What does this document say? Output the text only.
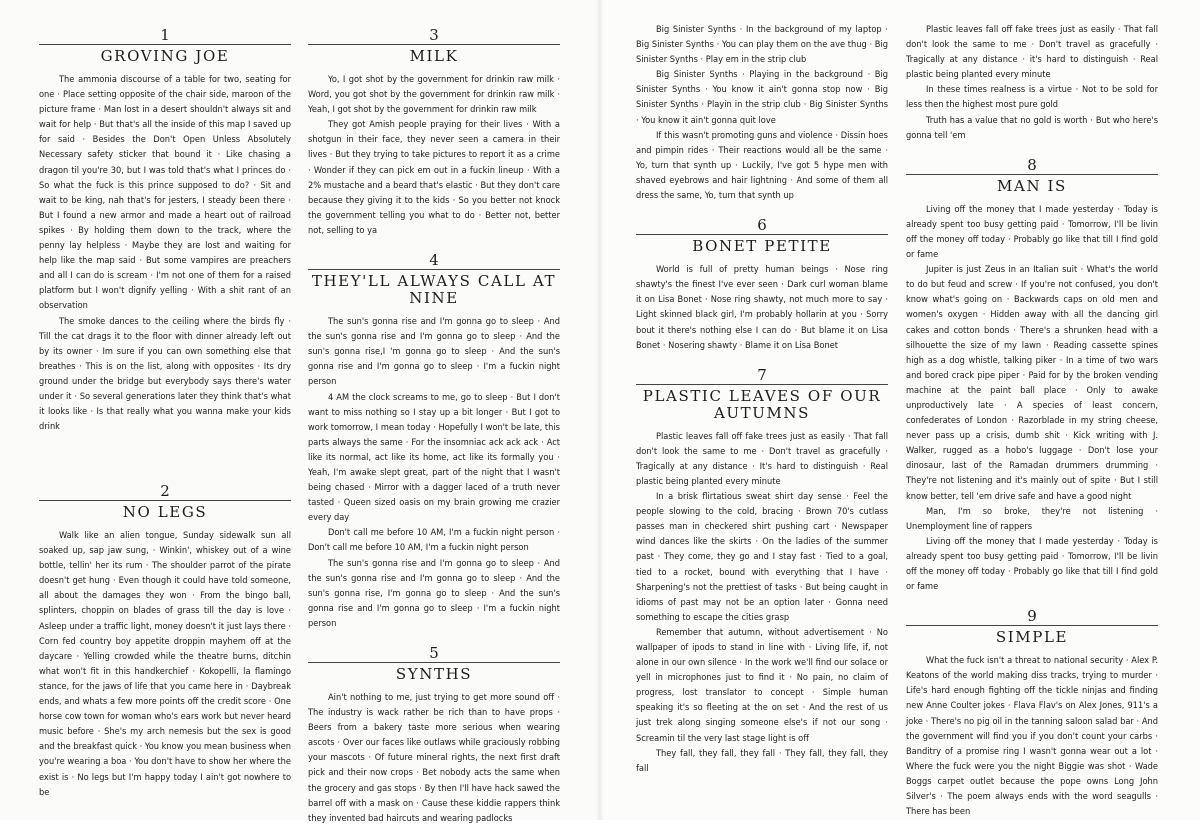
1
GROVING JOE

The ammonia discourse of a table for two, seating for one · Place setting opposite of the chair side, maroon of the picture frame · Man lost in a desert shouldn't always sit and wait for help · But that's all the inside of this map I saved up for said · Besides the Don't Open Unless Absolutely Necessary safety sticker that bound it · Like chasing a dragon til you're 30, but I was told that's what I princes do · So what the fuck is this prince supposed to do? · Sit and wait to be king, nah that's for jesters, I steady been there · But I found a new armor and made a heart out of railroad spikes · By holding them down to the track, where the penny lay helpless · Maybe they are lost and waiting for help like the map said · But some vampires are preachers and all I can do is scream · I'm not one of them for a raised platform but I won't dignify yelling · With a shit rant of an observation

The smoke dances to the ceiling where the birds fly · Till the cat drags it to the floor with dinner already left out by its owner · Im sure if you can own something else that breathes · This is on the list, along with opposites · Its dry ground under the bridge but everybody says there's water under it · So several generations later they think that's what it looks like · Is that really what you wanna make your kids drink

2
NO LEGS

Walk like an alien tongue, Sunday sidewalk sun all soaked up, sap jaw sung, · Winkin', whiskey out of a wine bottle, tellin' her its rum · The shoulder parrot of the pirate doesn't get hung · Even though it could have told someone, all about the damages they won · From the bingo ball, splinters, choppin on blades of grass till the day is love · Asleep under a traffic light, money doesn't it just lays there · Corn fed country boy appetite droppin mayhem off at the daycare · Yelling crowded while the theatre burns, ditchin what won't fit in this handkerchief · Kokopelli, la flamingo stance, for the jaws of life that you came here in · Daybreak ends, and whats a few more points off the credit score · One horse cow town for woman who's ears work but never heard music before · She's my arch nemesis but the sex is good and the breakfast quick · You know you mean business when you're wearing a boa · You don't have to show her where the exist is · No legs but I'm happy today I ain't got nowhere to be

3
MILK

Yo, I got shot by the government for drinkin raw milk · Word, you got shot by the government for drinkin raw milk · Yeah, I got shot by the government for drinkin raw milk

They got Amish people praying for their lives · With a shotgun in their face, they never seen a camera in their lives · But they trying to take pictures to report it as a crime · Wonder if they can pick em out in a fuckin lineup · With a 2% mustache and a beard that's elastic · But they don't care because they giving it to the kids · So you better not knock the government telling you what to do · Better not, better not, selling to ya

4
THEY'LL ALWAYS CALL AT NINE

The sun's gonna rise and I'm gonna go to sleep · And the sun's gonna rise and I'm gonna go to sleep · And the sun's gonna rise,I 'm gonna go to sleep · And the sun's gonna rise and I'm gonna go to sleep · I'm a fuckin night person

4 AM the clock screams to me, go to sleep · But I don't want to miss nothing so I stay up a bit longer · But I got to work tomorrow, I mean today · Hopefully I won't be late, this parts always the same · For the insomniac ack ack ack · Act like its normal, act like its home, act like its formally you · Yeah, I'm awake slept great, part of the night that I wasn't being chased · Mirror with a dagger laced of a truth never tasted · Queen sized oasis on my brain growing me crazier every day

Don't call me before 10 AM, I'm a fuckin night person · Don't call me before 10 AM, I'm a fuckin night person

The sun's gonna rise and I'm gonna go to sleep · And the sun's gonna rise and I'm gonna go to sleep · And the sun's gonna rise, I'm gonna go to sleep · And the sun's gonna rise and I'm gonna go to sleep · I'm a fuckin night person

5
SYNTHS

Ain't nothing to me, just trying to get more sound off · The industry is wack rather be rich than to have props · Beers from a bakery taste more serious when wearing ascots · Over our faces like outlaws while graciously robbing your mascots · Of future mineral rights, the next first draft pick and their now crops · Bet nobody acts the same when the grocery and gas stops · By then I'll have hack sawed the barrel off with a mask on · Cause these kiddie rappers think they invented bad haircuts and wearing padlocks

Big Sinister Synths · In the background of my laptop · Big Sinister Synths · You can play them on the ave thug · Big Sinister Synths · Play em in the strip club

Big Sinister Synths · Playing in the background · Big Sinister Synths · You know it ain't gonna stop now · Big Sinister Synths · Playin in the strip club · Big Sinister Synths · You know it ain't gonna quit love

If this wasn't promoting guns and violence · Dissin hoes and pimpin rides · Their reactions would all be the same · Yo, turn that synth up · Luckily, I've got 5 hype men with shaved eyebrows and hair lightning · And some of them all dress the same, Yo, turn that synth up

6
BONET PETITE

World is full of pretty human beings · Nose ring shawty's the finest I've ever seen · Dark curl woman blame it on Lisa Bonet · Nose ring shawty, not much more to say · Light skinned black girl, I'm probably hollarin at you · Sorry bout it there's nothing else I can do · But blame it on Lisa Bonet · Nosering shawty · Blame it on Lisa Bonet

7
PLASTIC LEAVES OF OUR AUTUMNS

Plastic leaves fall off fake trees just as easily · That fall don't look the same to me · Don't travel as gracefully · Tragically at any distance · It's hard to distinguish · Real plastic being planted every minute

In a brisk flirtatious sweat shirt day sense · Feel the people slowing to the cold, bracing · Brown 70's cutlass passes man in checkered shirt pushing cart · Newspaper wind dances like the skirts · On the ladies of the summer past · They come, they go and I stay fast · Tied to a goal, tied to a rocket, bound with everything that I have · Sharpening's not the prettiest of tasks · But being caught in idioms of past may not be an option later · Gonna need something to escape the cities grasp

Remember that autumn, without advertisement · No wallpaper of ipods to stand in line with · Living life, if, not alone in our own silence · In the work we'll find our solace or yell in microphones just to find it · No pain, no claim of progress, lost translator to concept · Simple human speaking it's so fleeting at the on set · And the rest of us just trek along singing someone else's if not our song · Screamin til the very last stage light is off

They fall, they fall, they fall · They fall, they fall, they fall

Plastic leaves fall off fake trees just as easily · That fall don't look the same to me · Don't travel as gracefully · Tragically at any distance · it's hard to distinguish · Real plastic being planted every minute

In these times realness is a virtue · Not to be sold for less then the highest most pure gold

Truth has a value that no gold is worth · But who here's gonna tell 'em

8
MAN IS

Living off the money that I made yesterday · Today is already spent too busy getting paid · Tomorrow, I'll be livin off the money off today · Probably go like that till I find gold or fame

Jupiter is just Zeus in an Italian suit · What's the world to do but feud and screw · If you're not confused, you don't know what's going on · Backwards caps on old men and women's oxygen · Hidden away with all the dancing girl cakes and cotton bonds · There's a shrunken head with a silhouette the size of my lawn · Reading cassette spines high as a dog whistle, talking piker · In a time of two wars and bored crack pipe piper · Paid for by the broken vending machine at the paint ball place · Only to awake unproductively late · A species of least concern, confederates of London · Razorblade in my string cheese, never pass up a crisis, dumb shit · Kick writing with J. Walker, rugged as a hobo's luggage · Don't lose your dinosaur, last of the Ramadan drummers drumming · They're not listening and it's mainly out of spite · But I still know better, tell 'em drive safe and have a good night

Man, I'm so broke, they're not listening · Unemployment line of rappers

Living off the money that I made yesterday · Today is already spent too busy getting paid · Tomorrow, I'll be livin off the money off today · Probably go like that till I find gold or fame

9
SIMPLE

What the fuck isn't a threat to national security · Alex P. Keatons of the world making diss tracks, trying to murder · Life's hard enough fighting off the tickle ninjas and finding new Anne Coulter jokes · Flava Flav's on Alex Jones, 911's a joke · There's no pig oil in the tanning saloon salad bar · And the government will find you if you don't count your carbs · Banditry of a promise ring I wasn't gonna wear out a lot · Where the fuck were you the night Biggie was shot · Wade Boggs carpet outlet because the pope owns Long John Silver's · The poem always ends with the word seagulls · There has been
